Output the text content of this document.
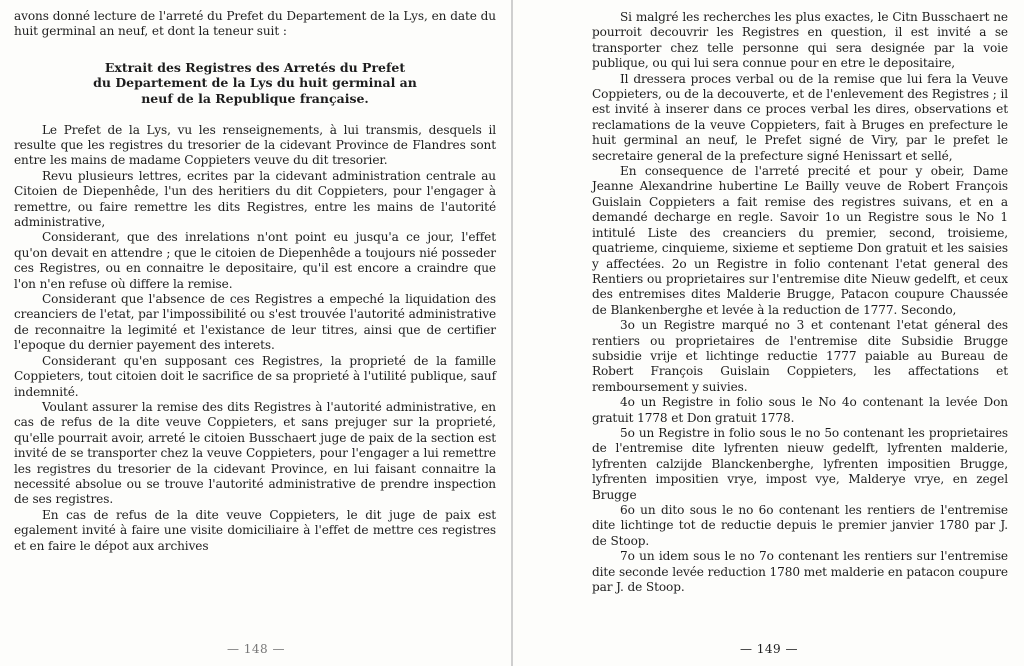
avons donné lecture de l'arreté du Prefet du Departement de la Lys, en date du huit germinal an neuf, et dont la teneur suit :

Extrait des Registres des Arretés du Prefet
du Departement de la Lys du huit germinal an
neuf de la Republique française.

Le Prefet de la Lys, vu les renseignements, à lui transmis, desquels il resulte que les registres du tresorier de la cidevant Province de Flandres sont entre les mains de madame Coppieters veuve du dit tresorier.

Revu plusieurs lettres, ecrites par la cidevant administration centrale au Citoien de Diepenhêde, l'un des heritiers du dit Coppieters, pour l'engager à remettre, ou faire remettre les dits Registres, entre les mains de l'autorité administrative,

Considerant, que des inrelations n'ont point eu jusqu'a ce jour, l'effet qu'on devait en attendre ; que le citoien de Diepenhêde a toujours nié posseder ces Registres, ou en connaitre le depositaire, qu'il est encore a craindre que l'on n'en refuse où differe la remise.

Considerant que l'absence de ces Registres a empeché la liquidation des creanciers de l'etat, par l'impossibilité ou s'est trouvée l'autorité administrative de reconnaitre la legimité et l'existance de leur titres, ainsi que de certifier l'epoque du dernier payement des interets.

Considerant qu'en supposant ces Registres, la proprieté de la famille Coppieters, tout citoien doit le sacrifice de sa proprieté à l'utilité publique, sauf indemnité.

Voulant assurer la remise des dits Registres à l'autorité administrative, en cas de refus de la dite veuve Coppieters, et sans prejuger sur la proprieté, qu'elle pourrait avoir, arreté le citoien Busschaert juge de paix de la section est invité de se transporter chez la veuve Coppieters, pour l'engager a lui remettre les registres du tresorier de la cidevant Province, en lui faisant connaitre la necessité absolue ou se trouve l'autorité administrative de prendre inspection de ses registres.

En cas de refus de la dite veuve Coppieters, le dit juge de paix est egalement invité à faire une visite domiciliaire à l'effet de mettre ces registres et en faire le dépot aux archives

— 148 —

Si malgré les recherches les plus exactes, le Citn Busschaert ne pourroit decouvrir les Registres en question, il est invité a se transporter chez telle personne qui sera designée par la voie publique, ou qui lui sera connue pour en etre le depositaire,

Il dressera proces verbal ou de la remise que lui fera la Veuve Coppieters, ou de la decouverte, et de l'enlevement des Registres ; il est invité à inserer dans ce proces verbal les dires, observations et reclamations de la veuve Coppieters, fait à Bruges en prefecture le huit germinal an neuf, le Prefet signé de Viry, par le prefet le secretaire general de la prefecture signé Henissart et sellé,

En consequence de l'arreté precité et pour y obeir, Dame Jeanne Alexandrine hubertine Le Bailly veuve de Robert François Guislain Coppieters a fait remise des registres suivans, et en a demandé decharge en regle. Savoir 1o un Registre sous le No 1 intitulé Liste des creanciers du premier, second, troisieme, quatrieme, cinquieme, sixieme et septieme Don gratuit et les saisies y affectées. 2o un Registre in folio contenant l'etat general des Rentiers ou proprietaires sur l'entremise dite Nieuw gedelft, et ceux des entremises dites Malderie Brugge, Patacon coupure Chaussée de Blankenberghe et levée à la reduction de 1777. Secondo,

3o un Registre marqué no 3 et contenant l'etat géneral des rentiers ou proprietaires de l'entremise dite Subsidie Brugge subsidie vrije et lichtinge reductie 1777 paiable au Bureau de Robert François Guislain Coppieters, les affectations et remboursement y suivies.

4o un Registre in folio sous le No 4o contenant la levée Don gratuit 1778 et Don gratuit 1778.

5o un Registre in folio sous le no 5o contenant les proprietaires de l'entremise dite lyfrenten nieuw gedelft, lyfrenten malderie, lyfrenten calzijde Blanckenberghe, lyfrenten impositien Brugge, lyfrenten impositien vrye, impost vye, Malderye vrye, en zegel Brugge

6o un dito sous le no 6o contenant les rentiers de l'entremise dite lichtinge tot de reductie depuis le premier janvier 1780 par J. de Stoop.

7o un idem sous le no 7o contenant les rentiers sur l'entremise dite seconde levée reduction 1780 met malderie en patacon coupure par J. de Stoop.

— 149 —
